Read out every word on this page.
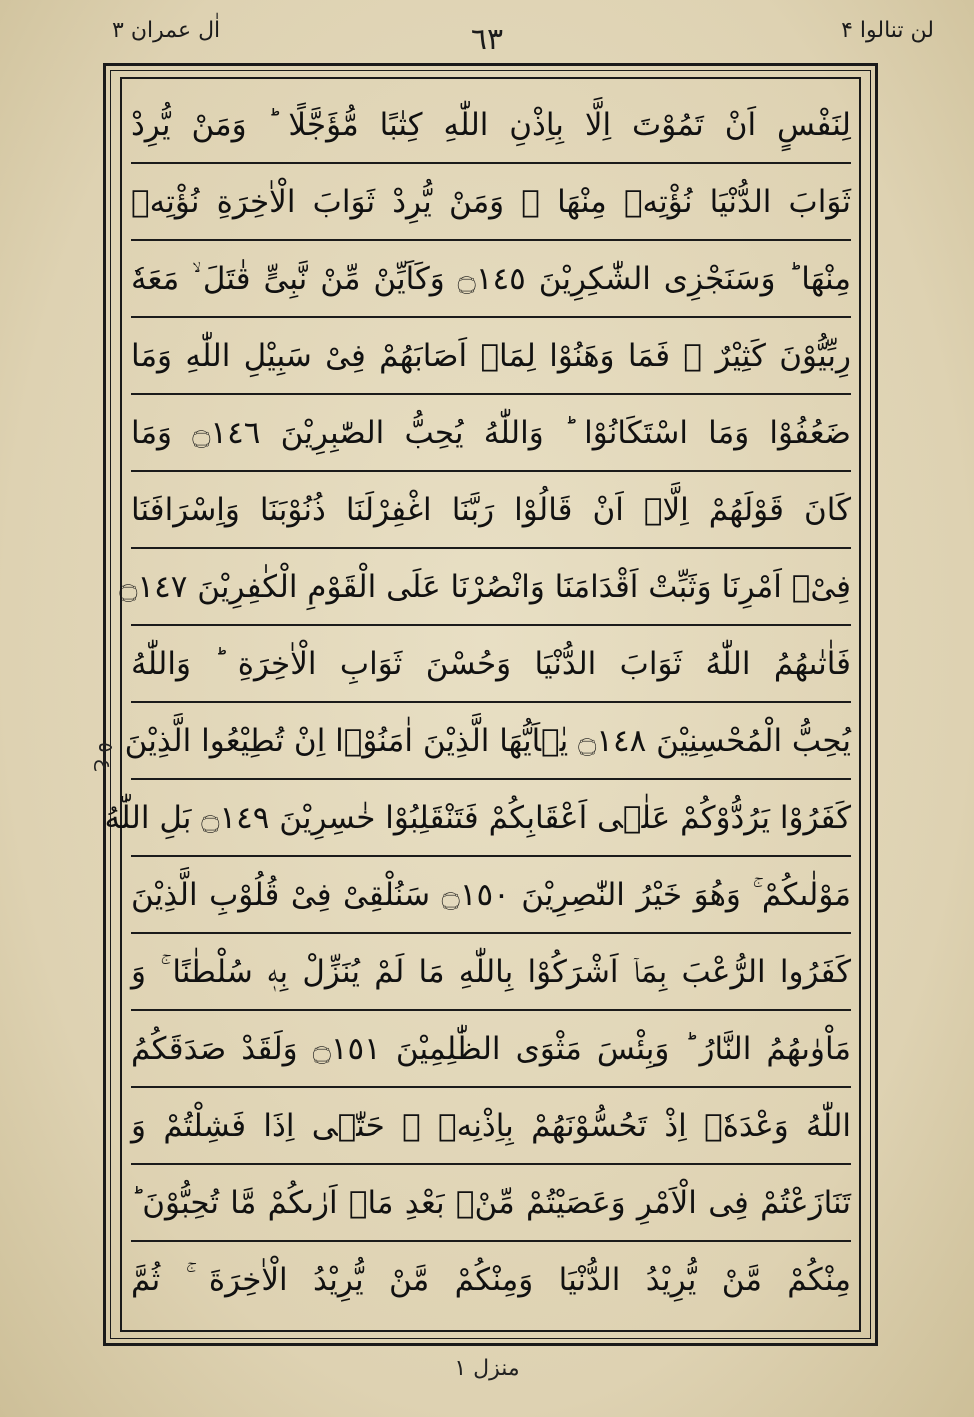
لن تنالوا ۴
٦٣
اٰل عمران ۳
لِنَفْسٍ اَنْ تَمُوْتَ اِلَّا بِاِذْنِ اللّٰهِ كِتٰبًا مُّؤَجَّلًا ؕ وَمَنْ يُّرِدْ
ثَوَابَ الدُّنْيَا نُؤْتِهٖ مِنْهَا ۚ وَمَنْ يُّرِدْ ثَوَابَ الْاٰخِرَةِ نُؤْتِهٖ
مِنْهَا ؕ وَسَنَجْزِى الشّٰكِرِيْنَ ۝١٤٥ وَكَاَيِّنْ مِّنْ نَّبِىٍّ قٰتَلَ ۙ مَعَهٗ
رِبِّيُّوْنَ كَثِيْرٌ ۚ فَمَا وَهَنُوْا لِمَاۤ اَصَابَهُمْ فِىْ سَبِيْلِ اللّٰهِ وَمَا
ضَعُفُوْا وَمَا اسْتَكَانُوْا ؕ وَاللّٰهُ يُحِبُّ الصّٰبِرِيْنَ ۝١٤٦ وَمَا
كَانَ قَوْلَهُمْ اِلَّاۤ اَنْ قَالُوْا رَبَّنَا اغْفِرْلَنَا ذُنُوْبَنَا وَاِسْرَافَنَا
فِىْۤ اَمْرِنَا وَثَبِّتْ اَقْدَامَنَا وَانْصُرْنَا عَلَى الْقَوْمِ الْكٰفِرِيْنَ ۝١٤٧
فَاٰتٰىهُمُ اللّٰهُ ثَوَابَ الدُّنْيَا وَحُسْنَ ثَوَابِ الْاٰخِرَةِ ؕ وَاللّٰهُ
يُحِبُّ الْمُحْسِنِيْنَ ۝١٤٨ يٰۤاَيُّهَا الَّذِيْنَ اٰمَنُوْۤا اِنْ تُطِيْعُوا الَّذِيْنَ
كَفَرُوْا يَرُدُّوْكُمْ عَلٰۤى اَعْقَابِكُمْ فَتَنْقَلِبُوْا خٰسِرِيْنَ ۝١٤٩ بَلِ اللّٰهُ
مَوْلٰٮكُمْ ۚ وَهُوَ خَيْرُ النّٰصِرِيْنَ ۝١٥٠ سَنُلْقِىْ فِىْ قُلُوْبِ الَّذِيْنَ
كَفَرُوا الرُّعْبَ بِمَاۤ اَشْرَكُوْا بِاللّٰهِ مَا لَمْ يُنَزِّلْ بِهٖ سُلْطٰنًا ۚ وَ
مَاْوٰٮهُمُ النَّارُ ؕ وَبِئْسَ مَثْوَى الظّٰلِمِيْنَ ۝١٥١ وَلَقَدْ صَدَقَكُمُ
اللّٰهُ وَعْدَهٗۤ اِذْ تَحُسُّوْنَهُمْ بِاِذْنِهٖ ۚ حَتّٰۤى اِذَا فَشِلْتُمْ وَ
تَنَازَعْتُمْ فِى الْاَمْرِ وَعَصَيْتُمْ مِّنْۢ بَعْدِ مَاۤ اَرٰٮكُمْ مَّا تُحِبُّوْنَ ؕ
مِنْكُمْ مَّنْ يُّرِيْدُ الدُّنْيَا وَمِنْكُمْ مَّنْ يُّرِيْدُ الْاٰخِرَةَ ۚ ثُمَّ
ع ٥
منزل ۱
